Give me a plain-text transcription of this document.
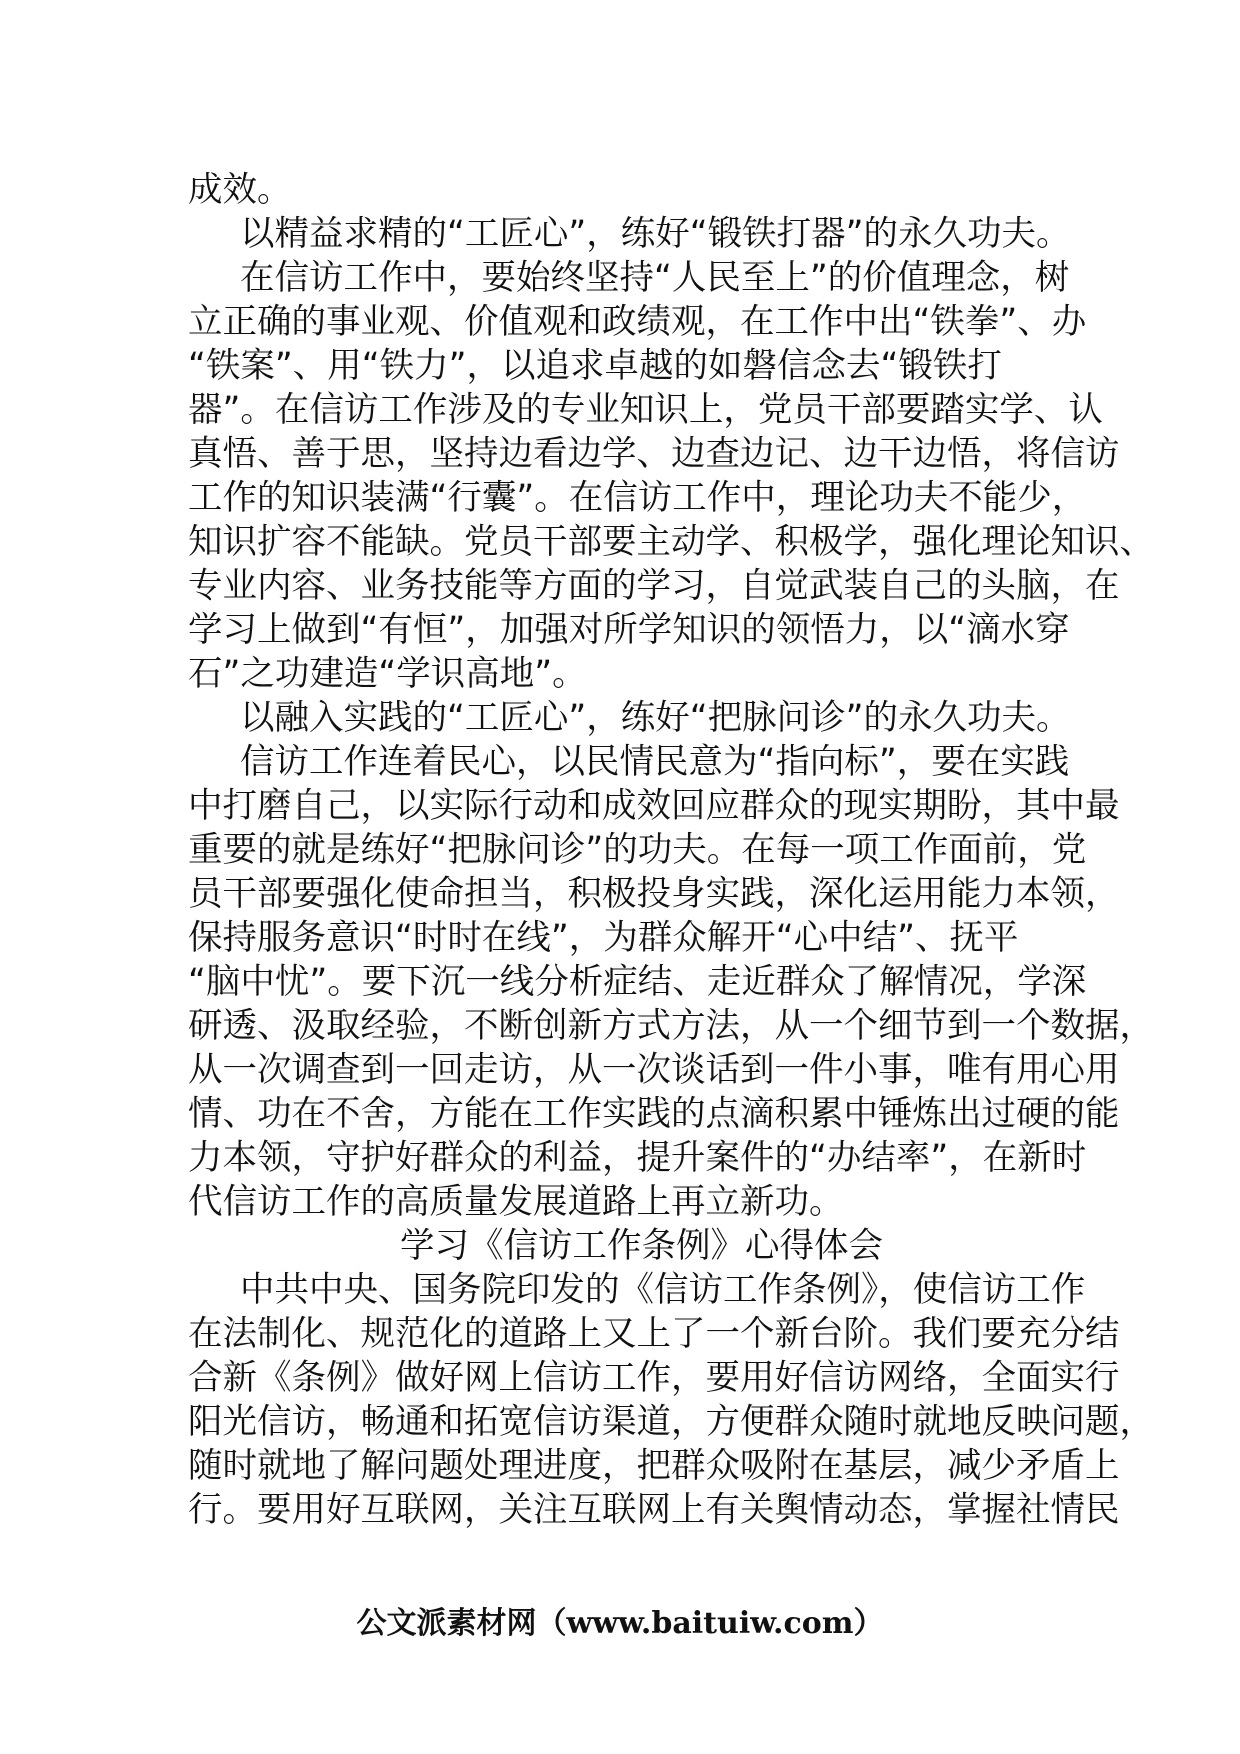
成效。
以精益求精的“工匠心”，练好“锻铁打器”的永久功夫。
在信访工作中，要始终坚持“人民至上”的价值理念，树
立正确的事业观、价值观和政绩观，在工作中出“铁拳”、办
“铁案”、用“铁力”，以追求卓越的如磐信念去“锻铁打
器”。在信访工作涉及的专业知识上，党员干部要踏实学、认
真悟、善于思，坚持边看边学、边查边记、边干边悟，将信访
工作的知识装满“行囊”。在信访工作中，理论功夫不能少，
知识扩容不能缺。党员干部要主动学、积极学，强化理论知识、
专业内容、业务技能等方面的学习，自觉武装自己的头脑，在
学习上做到“有恒”，加强对所学知识的领悟力，以“滴水穿
石”之功建造“学识高地”。
以融入实践的“工匠心”，练好“把脉问诊”的永久功夫。
信访工作连着民心，以民情民意为“指向标”，要在实践
中打磨自己，以实际行动和成效回应群众的现实期盼，其中最
重要的就是练好“把脉问诊”的功夫。在每一项工作面前，党
员干部要强化使命担当，积极投身实践，深化运用能力本领，
保持服务意识“时时在线”，为群众解开“心中结”、抚平
“脑中忧”。要下沉一线分析症结、走近群众了解情况，学深
研透、汲取经验，不断创新方式方法，从一个细节到一个数据，
从一次调查到一回走访，从一次谈话到一件小事，唯有用心用
情、功在不舍，方能在工作实践的点滴积累中锤炼出过硬的能
力本领，守护好群众的利益，提升案件的“办结率”，在新时
代信访工作的高质量发展道路上再立新功。
学习《信访工作条例》心得体会
中共中央、国务院印发的《信访工作条例》，使信访工作
在法制化、规范化的道路上又上了一个新台阶。我们要充分结
合新《条例》做好网上信访工作，要用好信访网络，全面实行
阳光信访，畅通和拓宽信访渠道，方便群众随时就地反映问题，
随时就地了解问题处理进度，把群众吸附在基层，减少矛盾上
行。要用好互联网，关注互联网上有关舆情动态，掌握社情民
公文派素材网（www.baituiw.com）
